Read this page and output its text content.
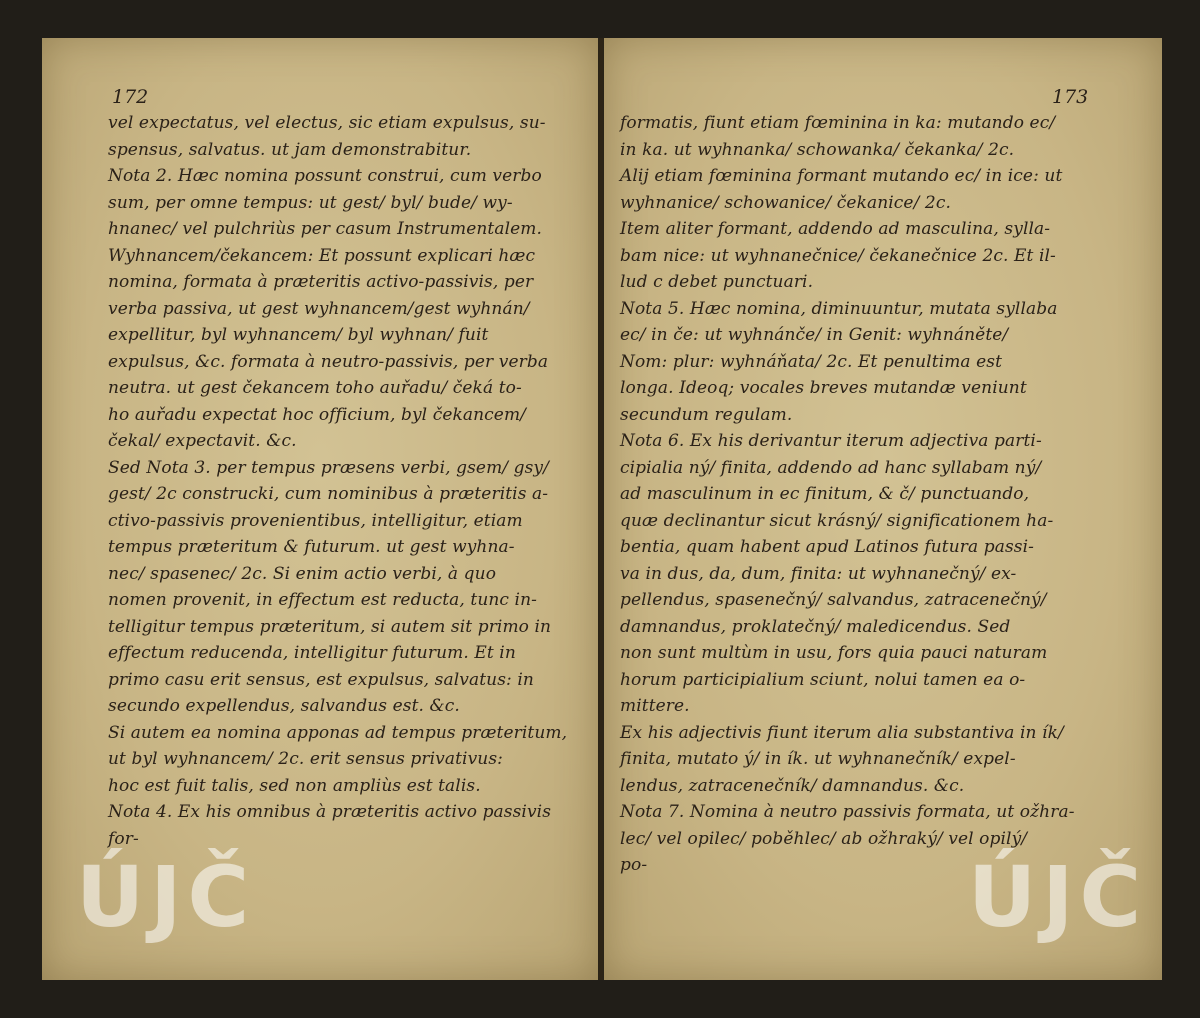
172
vel expectatus, vel electus, sic etiam expulsus, su-
spensus, salvatus. ut jam demonstrabitur.
Nota 2. Hæc nomina possunt construi, cum verbo
sum, per omne tempus: ut gest/ byl/ bude/ wy-
hnanec/ vel pulchriùs per casum Instrumentalem.
Wyhnancem/čekancem: Et possunt explicari hæc
nomina, formata à præteritis activo-passivis, per
verba passiva, ut gest wyhnancem/gest wyhnán/
expellitur, byl wyhnancem/ byl wyhnan/ fuit
expulsus, &c. formata à neutro-passivis, per verba
neutra. ut gest čekancem toho auřadu/ čeká to-
ho auřadu expectat hoc officium, byl čekancem/
čekal/ expectavit. &c.
Sed Nota 3. per tempus præsens verbi, gsem/ gsy/
gest/ 2c construcki, cum nominibus à præteritis a-
ctivo-passivis provenientibus, intelligitur, etiam
tempus præteritum & futurum. ut gest wyhna-
nec/ spasenec/ 2c. Si enim actio verbi, à quo
nomen provenit, in effectum est reducta, tunc in-
telligitur tempus præteritum, si autem sit primo in
effectum reducenda, intelligitur futurum. Et in
primo casu erit sensus, est expulsus, salvatus: in
secundo expellendus, salvandus est. &c.
Si autem ea nomina apponas ad tempus præteritum,
ut byl wyhnancem/ 2c. erit sensus privativus:
hoc est fuit talis, sed non ampliùs est talis.
Nota 4. Ex his omnibus à præteritis activo passivis
for-
ÚJČ
173
formatis, fiunt etiam fœminina in ka: mutando ec/
in ka. ut wyhnanka/ schowanka/ čekanka/ 2c.
Alij etiam fœminina formant mutando ec/ in ice: ut
wyhnanice/ schowanice/ čekanice/ 2c.
Item aliter formant, addendo ad masculina, sylla-
bam nice: ut wyhnanečnice/ čekanečnice 2c. Et il-
lud c debet punctuari.
Nota 5. Hæc nomina, diminuuntur, mutata syllaba
ec/ in če: ut wyhnánče/ in Genit: wyhnáněte/
Nom: plur: wyhnáňata/ 2c. Et penultima est
longa. Ideoq; vocales breves mutandæ veniunt
secundum regulam.
Nota 6. Ex his derivantur iterum adjectiva parti-
cipialia ný/ finita, addendo ad hanc syllabam ný/
ad masculinum in ec finitum, & č/ punctuando,
quæ declinantur sicut krásný/ significationem ha-
bentia, quam habent apud Latinos futura passi-
va in dus, da, dum, finita: ut wyhnanečný/ ex-
pellendus, spasenečný/ salvandus, zatracenečný/
damnandus, proklatečný/ maledicendus. Sed
non sunt multùm in usu, fors quia pauci naturam
horum participialium sciunt, nolui tamen ea o-
mittere.
Ex his adjectivis fiunt iterum alia substantiva in ík/
finita, mutato ý/ in ík. ut wyhnanečník/ expel-
lendus, zatracenečník/ damnandus. &c.
Nota 7. Nomina à neutro passivis formata, ut ožhra-
lec/ vel opilec/ poběhlec/ ab ožhraký/ vel opilý/
po-	ÚJČ
